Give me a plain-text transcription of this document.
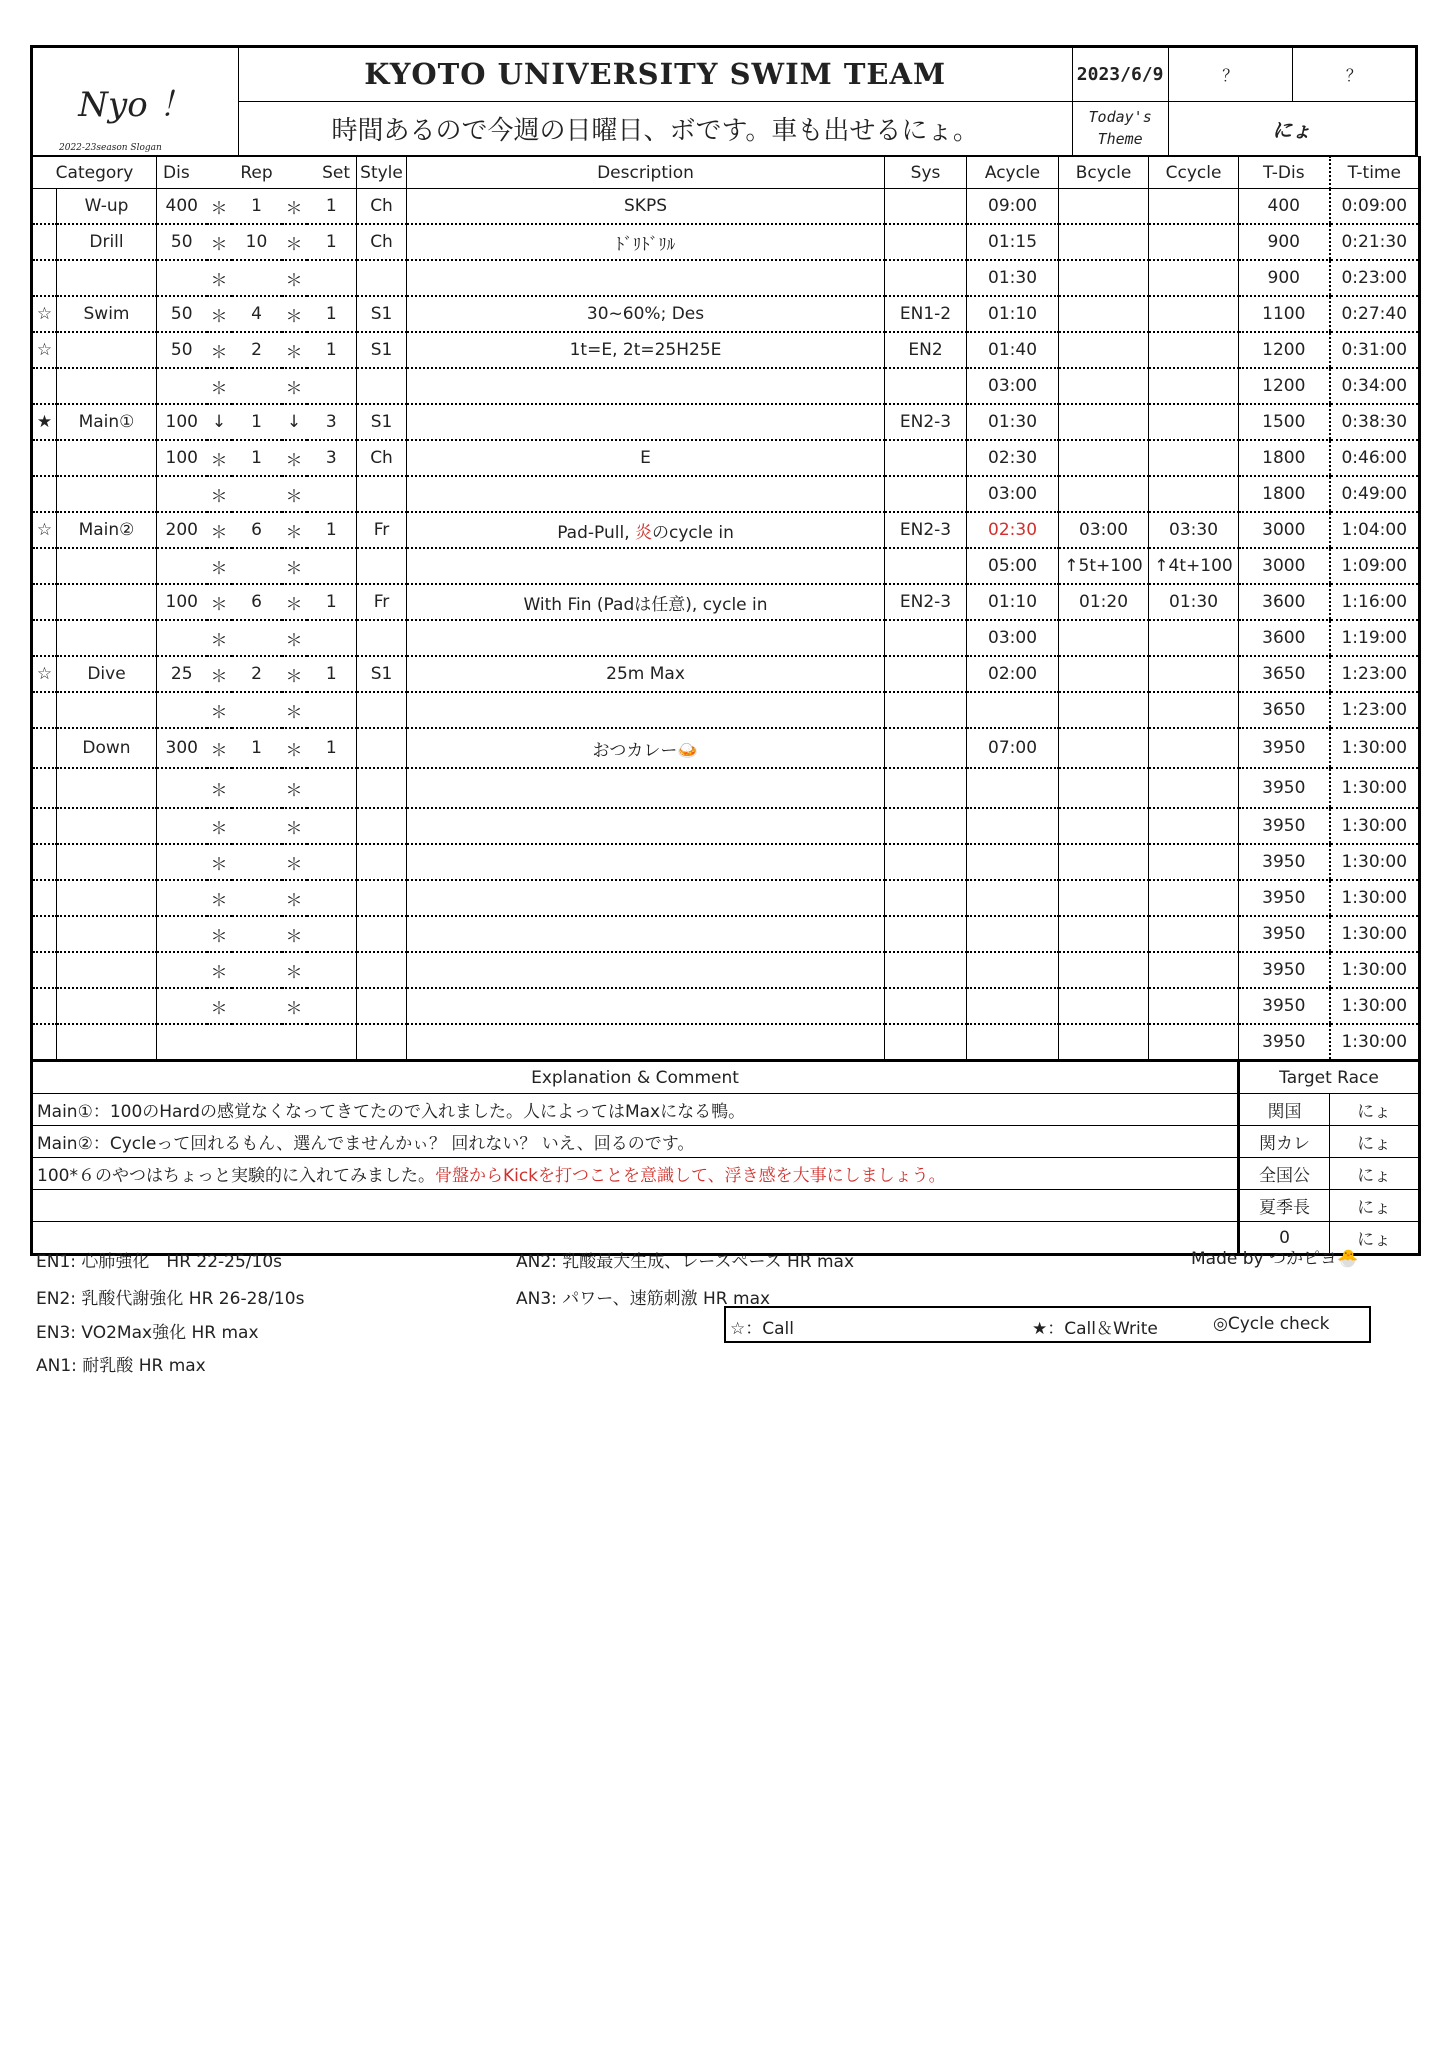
Nyo ！
2022-23season Slogan	KYOTO UNIVERSITY SWIM TEAM	2023/6/9	？	？
	時間あるので今週の日曜日、ボです。車も出せるにょ。	Today's
Theme	にょ	
Category		Dis	Rep			Set	Style	Description	Sys	Acycle	Bcycle	Ccycle	T-Dis	T-time
	W-up	400	＊	1	＊	1	Ch	SKPS		09:00			400	0:09:00
	Drill	50	＊	10	＊	1	Ch	ﾄﾞﾘﾄﾞﾘﾙ		01:15			900	0:21:30
			＊		＊					01:30			900	0:23:00
☆	Swim	50	＊	4	＊	1	S1	30~60%; Des	EN1-2	01:10			1100	0:27:40
☆		50	＊	2	＊	1	S1	1t=E, 2t=25H25E	EN2	01:40			1200	0:31:00
			＊		＊					03:00			1200	0:34:00
★	Main①	100	↓	1	↓	3	S1		EN2-3	01:30			1500	0:38:30
		100	＊	1	＊	3	Ch	E		02:30			1800	0:46:00
			＊		＊					03:00			1800	0:49:00
☆	Main②	200	＊	6	＊	1	Fr	Pad-Pull, 炎のcycle in	EN2-3	02:30	03:00	03:30	3000	1:04:00
			＊		＊					05:00	↑5t+100	↑4t+100	3000	1:09:00
		100	＊	6	＊	1	Fr	With Fin (Padは任意), cycle in	EN2-3	01:10	01:20	01:30	3600	1:16:00
			＊		＊					03:00			3600	1:19:00
☆	Dive	25	＊	2	＊	1	S1	25m Max		02:00			3650	1:23:00
			＊		＊								3650	1:23:00
	Down	300	＊	1	＊	1		おつカレー🍛		07:00			3950	1:30:00
			＊		＊								3950	1:30:00
			＊		＊								3950	1:30:00
			＊		＊								3950	1:30:00
			＊		＊								3950	1:30:00
			＊		＊								3950	1:30:00
			＊		＊								3950	1:30:00
			＊		＊								3950	1:30:00
													3950	1:30:00
Explanation & Comment	Target Race	
Main①：100のHardの感覚なくなってきてたので入れました。人によってはMaxになる鴨。	関国	にょ
Main②：Cycleって回れるもん、選んでませんかぃ？ 回れない？ いえ、回るのです。	関カレ	にょ
100*６のやつはちょっと実験的に入れてみました。骨盤からKickを打つことを意識して、浮き感を大事にしましょう。	全国公	にょ
	夏季長	にょ
	0	にょ
EN1: 心肺強化　HR 22-25/10s
EN2: 乳酸代謝強化 HR 26-28/10s
EN3: VO2Max強化 HR max
AN1: 耐乳酸 HR max
AN2: 乳酸最大生成、レースペース HR max
AN3: パワー、速筋刺激 HR max
Made by つかピヨ🐣
☆：Call	★：Call＆Write	◎Cycle check
